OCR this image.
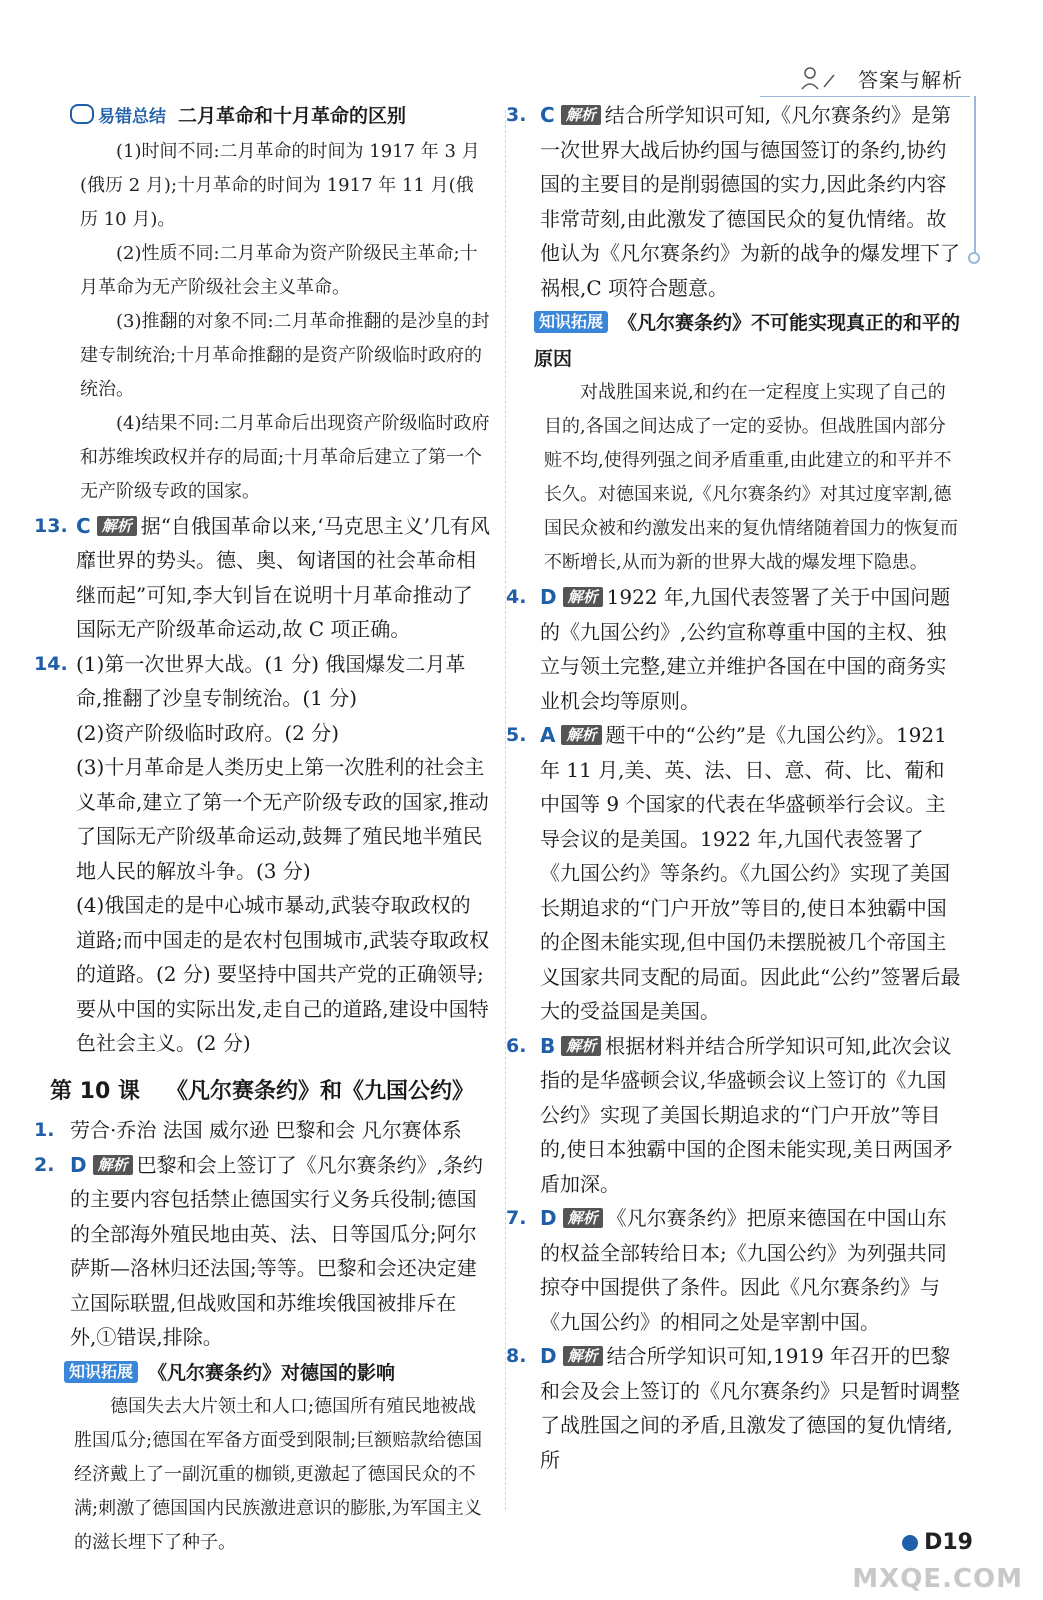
答案与解析
易错总结 二月革命和十月革命的区别
(1)时间不同:二月革命的时间为 1917 年 3 月(俄历 2 月);十月革命的时间为 1917 年 11 月(俄历 10 月)。
(2)性质不同:二月革命为资产阶级民主革命;十月革命为无产阶级社会主义革命。
(3)推翻的对象不同:二月革命推翻的是沙皇的封建专制统治;十月革命推翻的是资产阶级临时政府的统治。
(4)结果不同:二月革命后出现资产阶级临时政府和苏维埃政权并存的局面;十月革命后建立了第一个无产阶级专政的国家。
13. C 解析 据“自俄国革命以来,‘马克思主义’几有风靡世界的势头。德、奥、匈诸国的社会革命相继而起”可知,李大钊旨在说明十月革命推动了国际无产阶级革命运动,故 C 项正确。
14. (1)第一次世界大战。(1 分) 俄国爆发二月革命,推翻了沙皇专制统治。(1 分)
(2)资产阶级临时政府。(2 分)
(3)十月革命是人类历史上第一次胜利的社会主义革命,建立了第一个无产阶级专政的国家,推动了国际无产阶级革命运动,鼓舞了殖民地半殖民地人民的解放斗争。(3 分)
(4)俄国走的是中心城市暴动,武装夺取政权的道路;而中国走的是农村包围城市,武装夺取政权的道路。(2 分) 要坚持中国共产党的正确领导;要从中国的实际出发,走自己的道路,建设中国特色社会主义。(2 分)
第 10 课 《凡尔赛条约》和《九国公约》
1. 劳合·乔治 法国 威尔逊 巴黎和会 凡尔赛体系
2. D 解析 巴黎和会上签订了《凡尔赛条约》,条约的主要内容包括禁止德国实行义务兵役制;德国的全部海外殖民地由英、法、日等国瓜分;阿尔萨斯—洛林归还法国;等等。巴黎和会还决定建立国际联盟,但战败国和苏维埃俄国被排斥在外,①错误,排除。
知识拓展 《凡尔赛条约》对德国的影响
德国失去大片领土和人口;德国所有殖民地被战胜国瓜分;德国在军备方面受到限制;巨额赔款给德国经济戴上了一副沉重的枷锁,更激起了德国民众的不满;刺激了德国国内民族激进意识的膨胀,为军国主义的滋长埋下了种子。
3. C 解析 结合所学知识可知,《凡尔赛条约》是第一次世界大战后协约国与德国签订的条约,协约国的主要目的是削弱德国的实力,因此条约内容非常苛刻,由此激发了德国民众的复仇情绪。故他认为《凡尔赛条约》为新的战争的爆发埋下了祸根,C 项符合题意。
知识拓展 《凡尔赛条约》不可能实现真正的和平的原因
对战胜国来说,和约在一定程度上实现了自己的目的,各国之间达成了一定的妥协。但战胜国内部分赃不均,使得列强之间矛盾重重,由此建立的和平并不长久。对德国来说,《凡尔赛条约》对其过度宰割,德国民众被和约激发出来的复仇情绪随着国力的恢复而不断增长,从而为新的世界大战的爆发埋下隐患。
4. D 解析 1922 年,九国代表签署了关于中国问题的《九国公约》,公约宣称尊重中国的主权、独立与领土完整,建立并维护各国在中国的商务实业机会均等原则。
5. A 解析 题干中的“公约”是《九国公约》。1921 年 11 月,美、英、法、日、意、荷、比、葡和中国等 9 个国家的代表在华盛顿举行会议。主导会议的是美国。1922 年,九国代表签署了《九国公约》等条约。《九国公约》实现了美国长期追求的“门户开放”等目的,使日本独霸中国的企图未能实现,但中国仍未摆脱被几个帝国主义国家共同支配的局面。因此此“公约”签署后最大的受益国是美国。
6. B 解析 根据材料并结合所学知识可知,此次会议指的是华盛顿会议,华盛顿会议上签订的《九国公约》实现了美国长期追求的“门户开放”等目的,使日本独霸中国的企图未能实现,美日两国矛盾加深。
7. D 解析 《凡尔赛条约》把原来德国在中国山东的权益全部转给日本;《九国公约》为列强共同掠夺中国提供了条件。因此《凡尔赛条约》与《九国公约》的相同之处是宰割中国。
8. D 解析 结合所学知识可知,1919 年召开的巴黎和会及会上签订的《凡尔赛条约》只是暂时调整了战胜国之间的矛盾,且激发了德国的复仇情绪,所
D19
MXQE.COM
